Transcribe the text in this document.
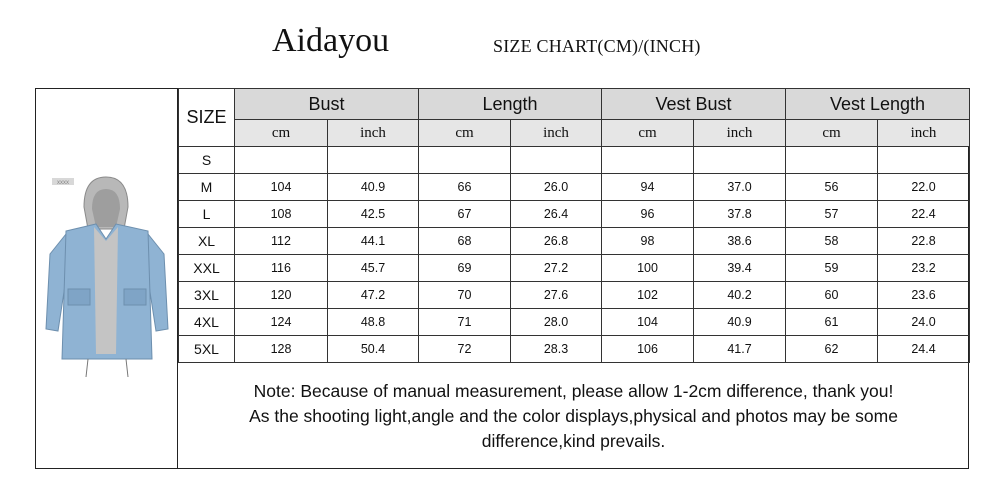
Aidayou	SIZE CHART(CM)/(INCH)
xxxx
SIZE	Bust		Length		Vest Bust		Vest Length	
	cm	inch	cm	inch	cm	inch	cm	inch
S								
M	104	40.9	66	26.0	94	37.0	56	22.0
L	108	42.5	67	26.4	96	37.8	57	22.4
XL	112	44.1	68	26.8	98	38.6	58	22.8
XXL	116	45.7	69	27.2	100	39.4	59	23.2
3XL	120	47.2	70	27.6	102	40.2	60	23.6
4XL	124	48.8	71	28.0	104	40.9	61	24.0
5XL	128	50.4	72	28.3	106	41.7	62	24.4
Note: Because of manual measurement, please allow 1-2cm difference, thank you!
As the shooting light,angle and the color displays,physical and photos may be some
difference,kind prevails.
